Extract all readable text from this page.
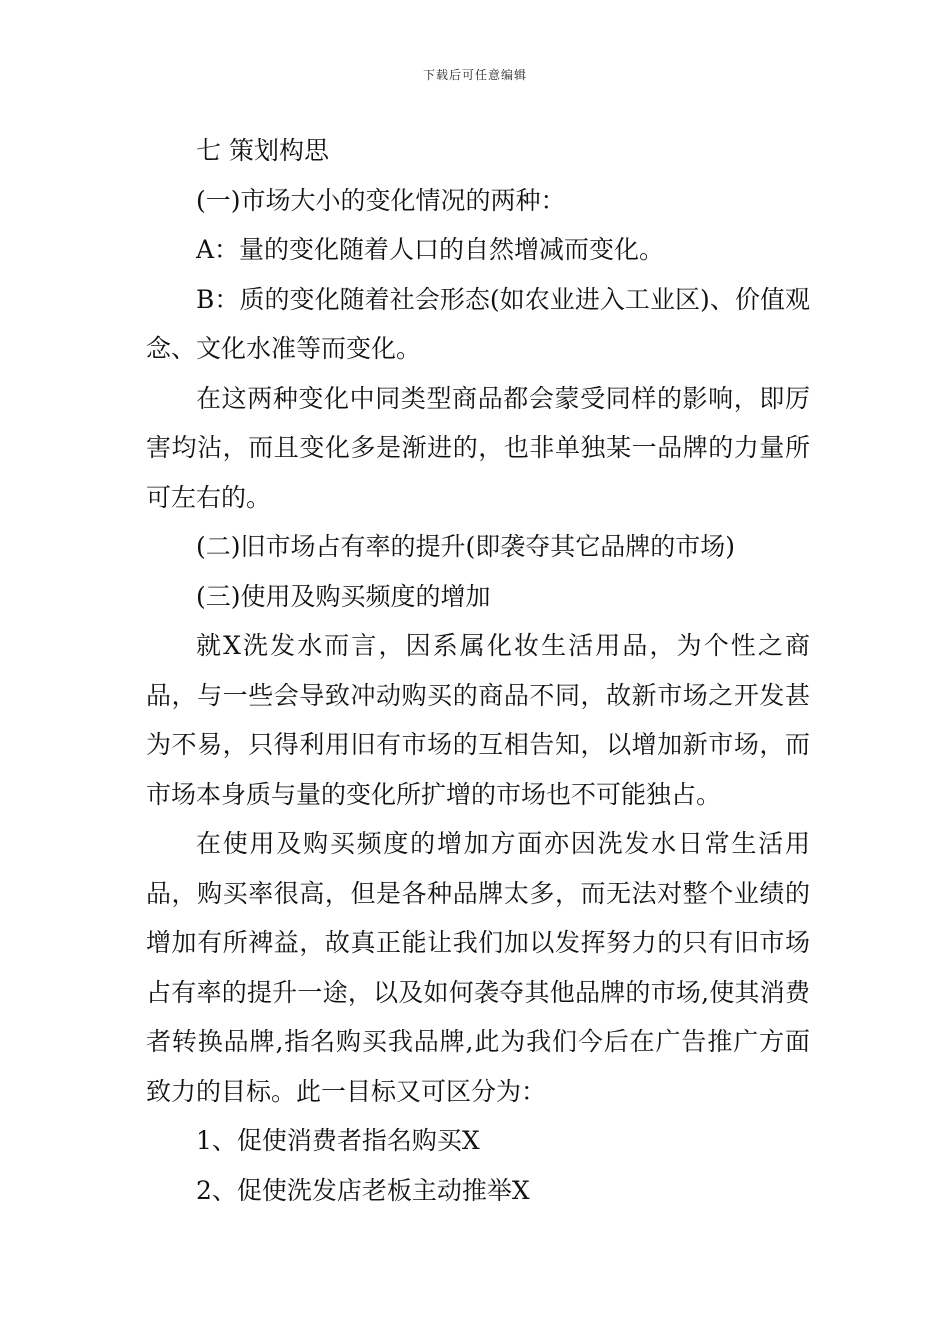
下载后可任意编辑

七 策划构思

(一)市场大小的变化情况的两种：

A：量的变化随着人口的自然增减而变化。

B：质的变化随着社会形态(如农业进入工业区)、价值观念、文化水准等而变化。

在这两种变化中同类型商品都会蒙受同样的影响，即厉害均沾，而且变化多是渐进的，也非单独某一品牌的力量所可左右的。

(二)旧市场占有率的提升(即袭夺其它品牌的市场)

(三)使用及购买频度的增加

就X洗发水而言，因系属化妆生活用品，为个性之商品，与一些会导致冲动购买的商品不同，故新市场之开发甚为不易，只得利用旧有市场的互相告知，以增加新市场，而市场本身质与量的变化所扩增的市场也不可能独占。

在使用及购买频度的增加方面亦因洗发水日常生活用品，购买率很高，但是各种品牌太多，而无法对整个业绩的增加有所裨益，故真正能让我们加以发挥努力的只有旧市场占有率的提升一途，以及如何袭夺其他品牌的市场,使其消费者转换品牌,指名购买我品牌,此为我们今后在广告推广方面致力的目标。此一目标又可区分为：

1、促使消费者指名购买X

2、促使洗发店老板主动推举X
